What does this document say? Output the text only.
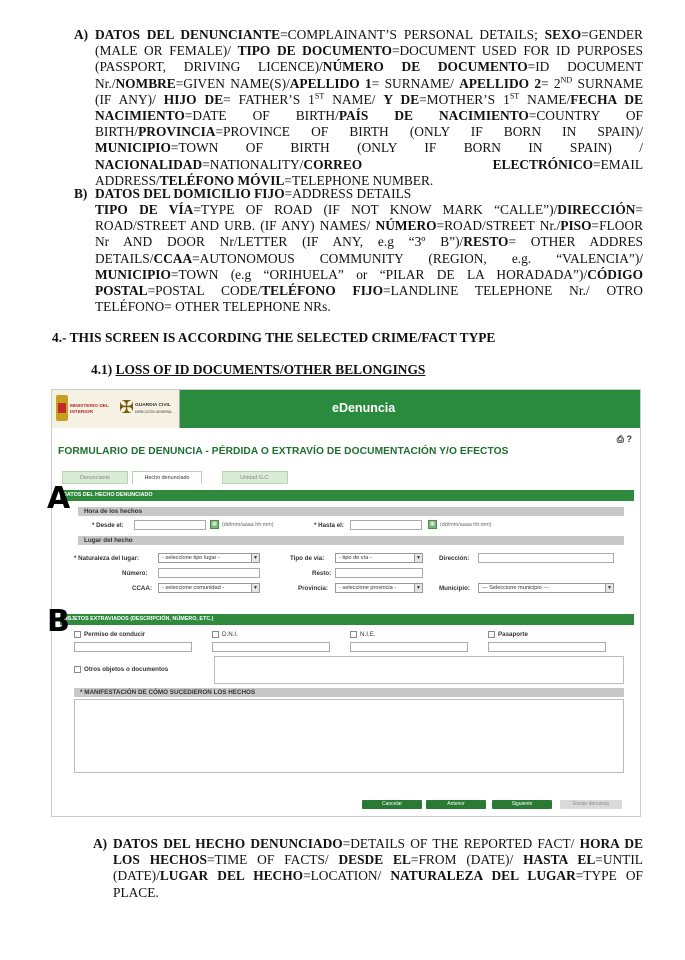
A) DATOS DEL DENUNCIANTE=COMPLAINANT’S PERSONAL DETAILS; SEXO=GENDER (MALE OR FEMALE)/ TIPO DE DOCUMENTO=DOCUMENT USED FOR ID PURPOSES (PASSPORT, DRIVING LICENCE)/NÚMERO DE DOCUMENTO=ID DOCUMENT Nr./NOMBRE=GIVEN NAME(S)/APELLIDO 1= SURNAME/ APELLIDO 2= 2ND SURNAME (IF ANY)/ HIJO DE= FATHER’S 1ST NAME/ Y DE=MOTHER’S 1ST NAME/FECHA DE NACIMIENTO=DATE OF BIRTH/PAÍS DE NACIMIENTO=COUNTRY OF BIRTH/PROVINCIA=PROVINCE OF BIRTH (ONLY IF BORN IN SPAIN)/ MUNICIPIO=TOWN OF BIRTH (ONLY IF BORN IN SPAIN) / NACIONALIDAD=NATIONALITY/CORREO ELECTRÓNICO=EMAIL ADDRESS/TELÉFONO MÓVIL=TELEPHONE NUMBER.
B) DATOS DEL DOMICILIO FIJO=ADDRESS DETAILS
TIPO DE VÍA=TYPE OF ROAD (IF NOT KNOW MARK “CALLE”)/DIRECCIÓN= ROAD/STREET AND URB. (IF ANY) NAMES/ NÚMERO=ROAD/STREET Nr./PISO=FLOOR Nr AND DOOR Nr/LETTER (IF ANY, e.g “3º B”)/RESTO= OTHER ADDRES DETAILS/CCAA=AUTONOMOUS COMMUNITY (REGION, e.g. “VALENCIA”)/ MUNICIPIO=TOWN (e.g “ORIHUELA” or “PILAR DE LA HORADADA”)/CÓDIGO POSTAL=POSTAL CODE/TELÉFONO FIJO=LANDLINE TELEPHONE Nr./ OTRO TELÉFONO= OTHER TELEPHONE NRs.
4.- THIS SCREEN IS ACCORDING THE SELECTED CRIME/FACT TYPE
4.1) LOSS OF ID DOCUMENTS/OTHER BELONGINGS
MINISTERIO DEL INTERIOR	✠ GUARDIA CIVIL
DIRECCIÓN GENERAL	eDenuncia
⎙ ?
FORMULARIO DE DENUNCIA - PÉRDIDA O EXTRAVÍO DE DOCUMENTACIÓN Y/O EFECTOS
Denunciante	Hecho denunciado	Unidad G.C.
DATOS DEL HECHO DENUNCIADO
Hora de los hechos
* Desde el:	▦ (dd/mm/aaaa hh:mm)	* Hasta el:	▦ (dd/mm/aaaa hh:mm)
Lugar del hecho
* Naturaleza del lugar:	- seleccione tipo lugar -	▼	Tipo de vía:	- tipo de vía -	▼	Dirección:
Número:	Resto:
CCAA:	- seleccione comunidad -	▼	Provincia:	- seleccione provincia -	▼	Municipio:	--- Seleccione municipio ---	▼
OBJETOS EXTRAVIADOS (DESCRIPCIÓN, NÚMERO, ETC.)
Permiso de conducir	D.N.I.	N.I.E.	Pasaporte
Otros objetos o documentos
* MANIFESTACIÓN DE CÓMO SUCEDIERON LOS HECHOS
Cancelar	Anterior	Siguiente	Enviar denuncia
A
B
A) DATOS DEL HECHO DENUNCIADO=DETAILS OF THE REPORTED FACT/ HORA DE LOS HECHOS=TIME OF FACTS/ DESDE EL=FROM (DATE)/ HASTA EL=UNTIL (DATE)/LUGAR DEL HECHO=LOCATION/ NATURALEZA DEL LUGAR=TYPE OF PLACE.
